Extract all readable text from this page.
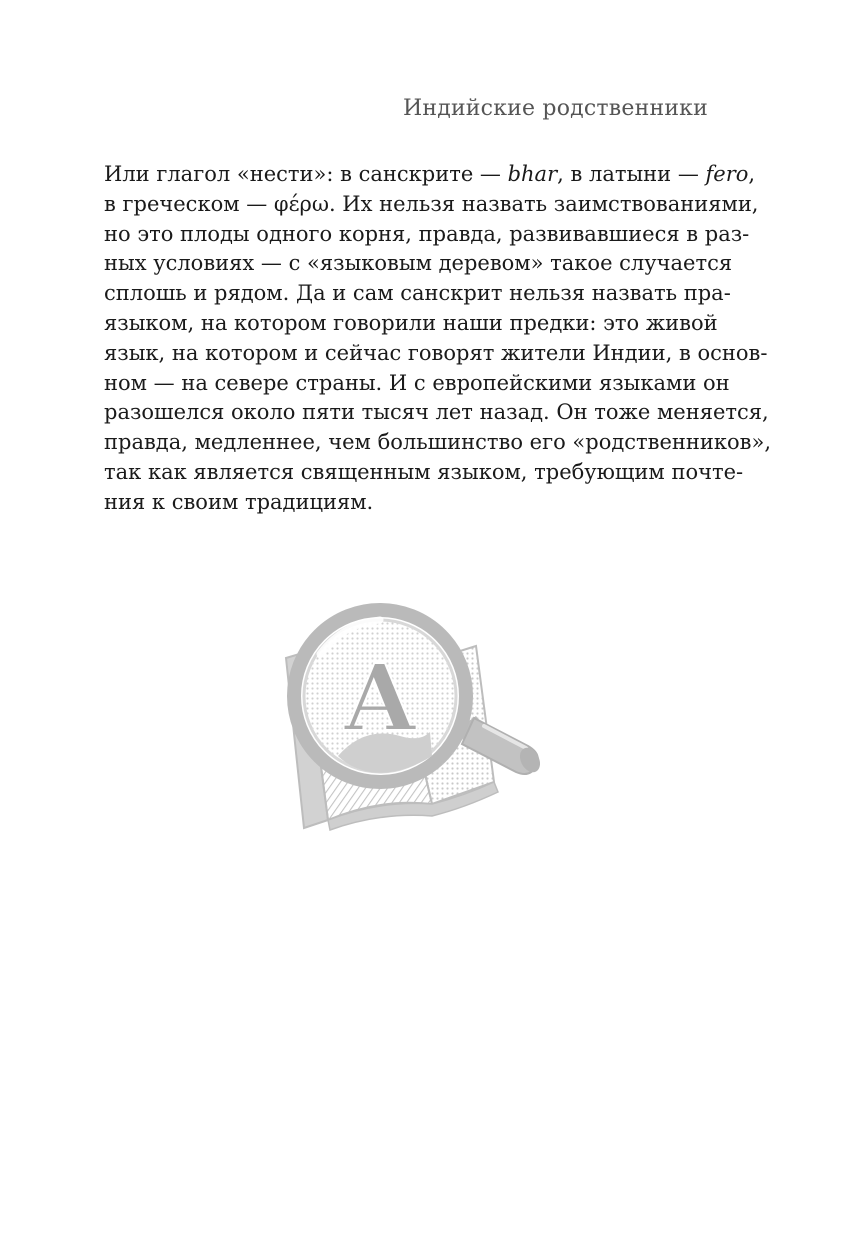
Индийские родственники
Или глагол «нести»: в санскрите — bhar, в латыни — fero,
в греческом — φέρω. Их нельзя назвать заимствованиями,
но это плоды одного корня, правда, развивавшиеся в раз-
ных условиях — с «языковым деревом» такое случается
сплошь и рядом. Да и сам санскрит нельзя назвать пра-
языком, на котором говорили наши предки: это живой
язык, на котором и сейчас говорят жители Индии, в основ-
ном — на севере страны. И с европейскими языками он
разошелся около пяти тысяч лет назад. Он тоже меняется,
правда, медленнее, чем большинство его «родственников»,
так как является священным языком, требующим почте-
ния к своим традициям.
A
